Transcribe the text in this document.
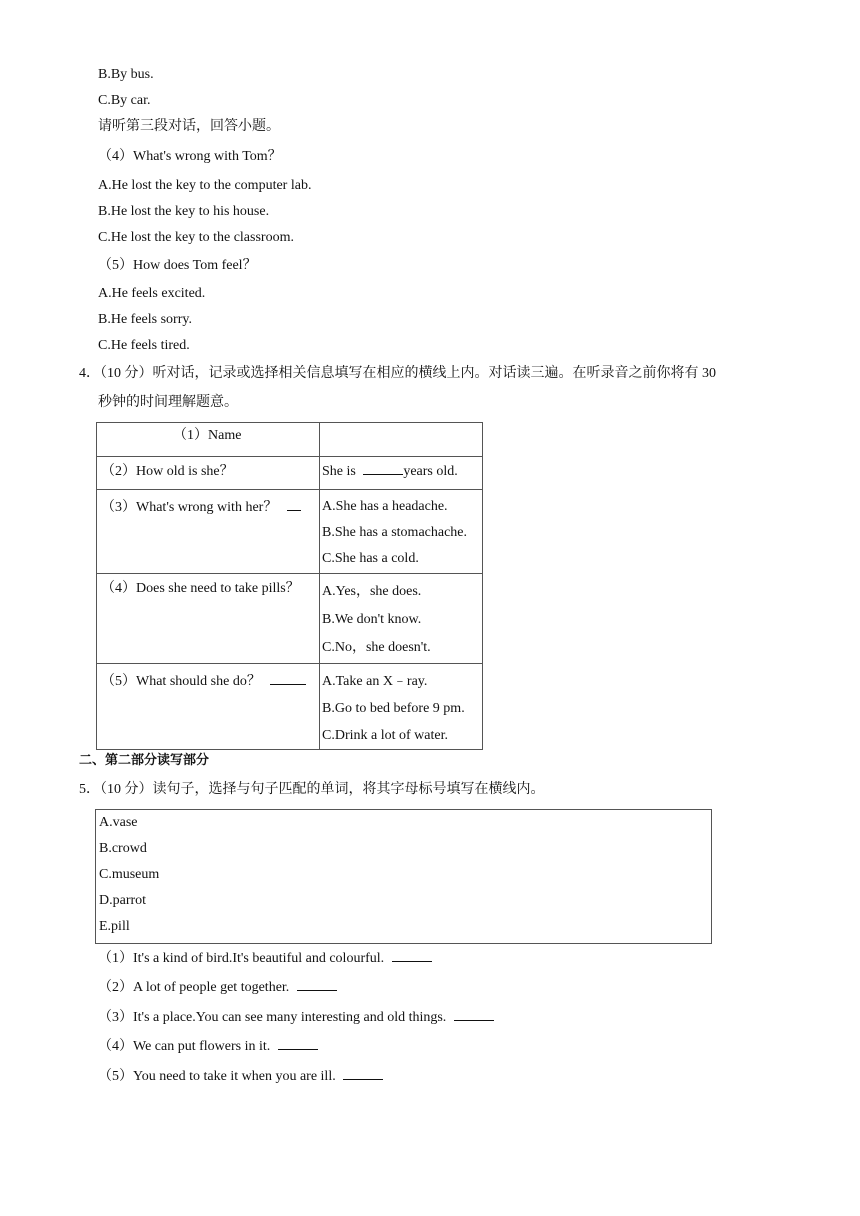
B.By bus.
C.By car.
请听第三段对话，回答小题。
（4）What's wrong with Tom？
A.He lost the key to the computer lab.
B.He lost the key to his house.
C.He lost the key to the classroom.
（5）How does Tom feel？
A.He feels excited.
B.He feels sorry.
C.He feels tired.
4．（10 分）听对话，记录或选择相关信息填写在相应的横线上内。对话读三遍。在听录音之前你将有 30
秒钟的时间理解题意。
（1）Name	

（2）How old is she？	She is years old.

（3）What's wrong with her？	A.She has a headache.
B.She has a stomachache.
C.She has a cold.

（4）Does she need to take pills？	A.Yes，she does.
B.We don't know.
C.No，she doesn't.

（5）What should she do？	A.Take an X﹣ray.
B.Go to bed before 9 pm.
C.Drink a lot of water.
二、第二部分读写部分
5．（10 分）读句子，选择与句子匹配的单词，将其字母标号填写在横线内。
A.vase
B.crowd
C.museum
D.parrot
E.pill
（1）It's a kind of bird.It's beautiful and colourful.
（2）A lot of people get together.
（3）It's a place.You can see many interesting and old things.
（4）We can put flowers in it.
（5）You need to take it when you are ill.
